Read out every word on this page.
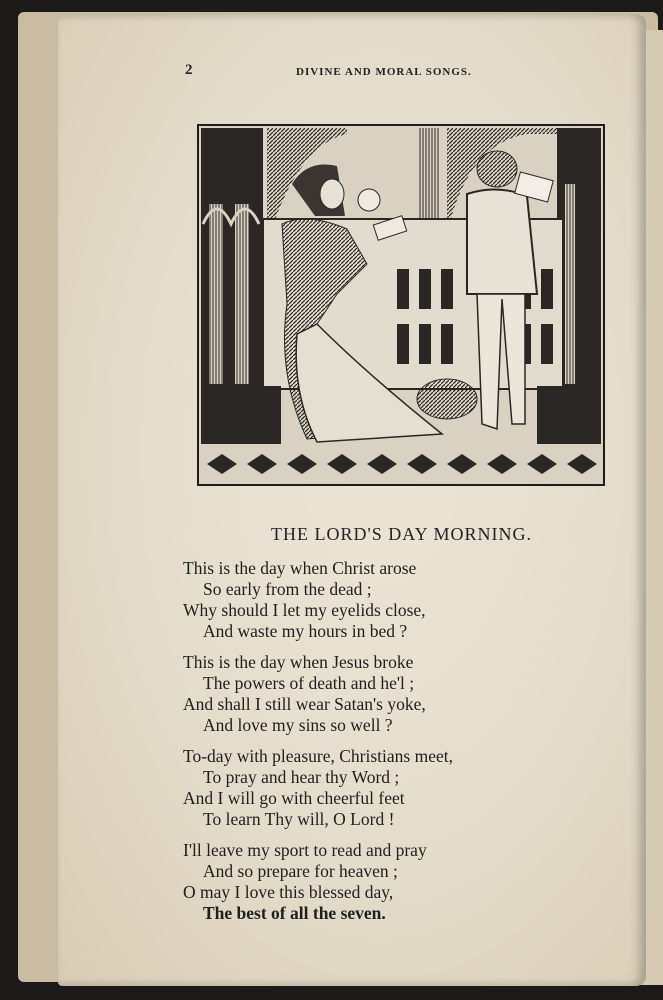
2	DIVINE AND MORAL SONGS.
THE LORD'S DAY MORNING.
This is the day when Christ arose
So early from the dead ;
Why should I let my eyelids close,
And waste my hours in bed ?
This is the day when Jesus broke
The powers of death and he'l ;
And shall I still wear Satan's yoke,
And love my sins so well ?
To-day with pleasure, Christians meet,
To pray and hear thy Word ;
And I will go with cheerful feet
To learn Thy will, O Lord !
I'll leave my sport to read and pray
And so prepare for heaven ;
O may I love this blessed day,
The best of all the seven.
